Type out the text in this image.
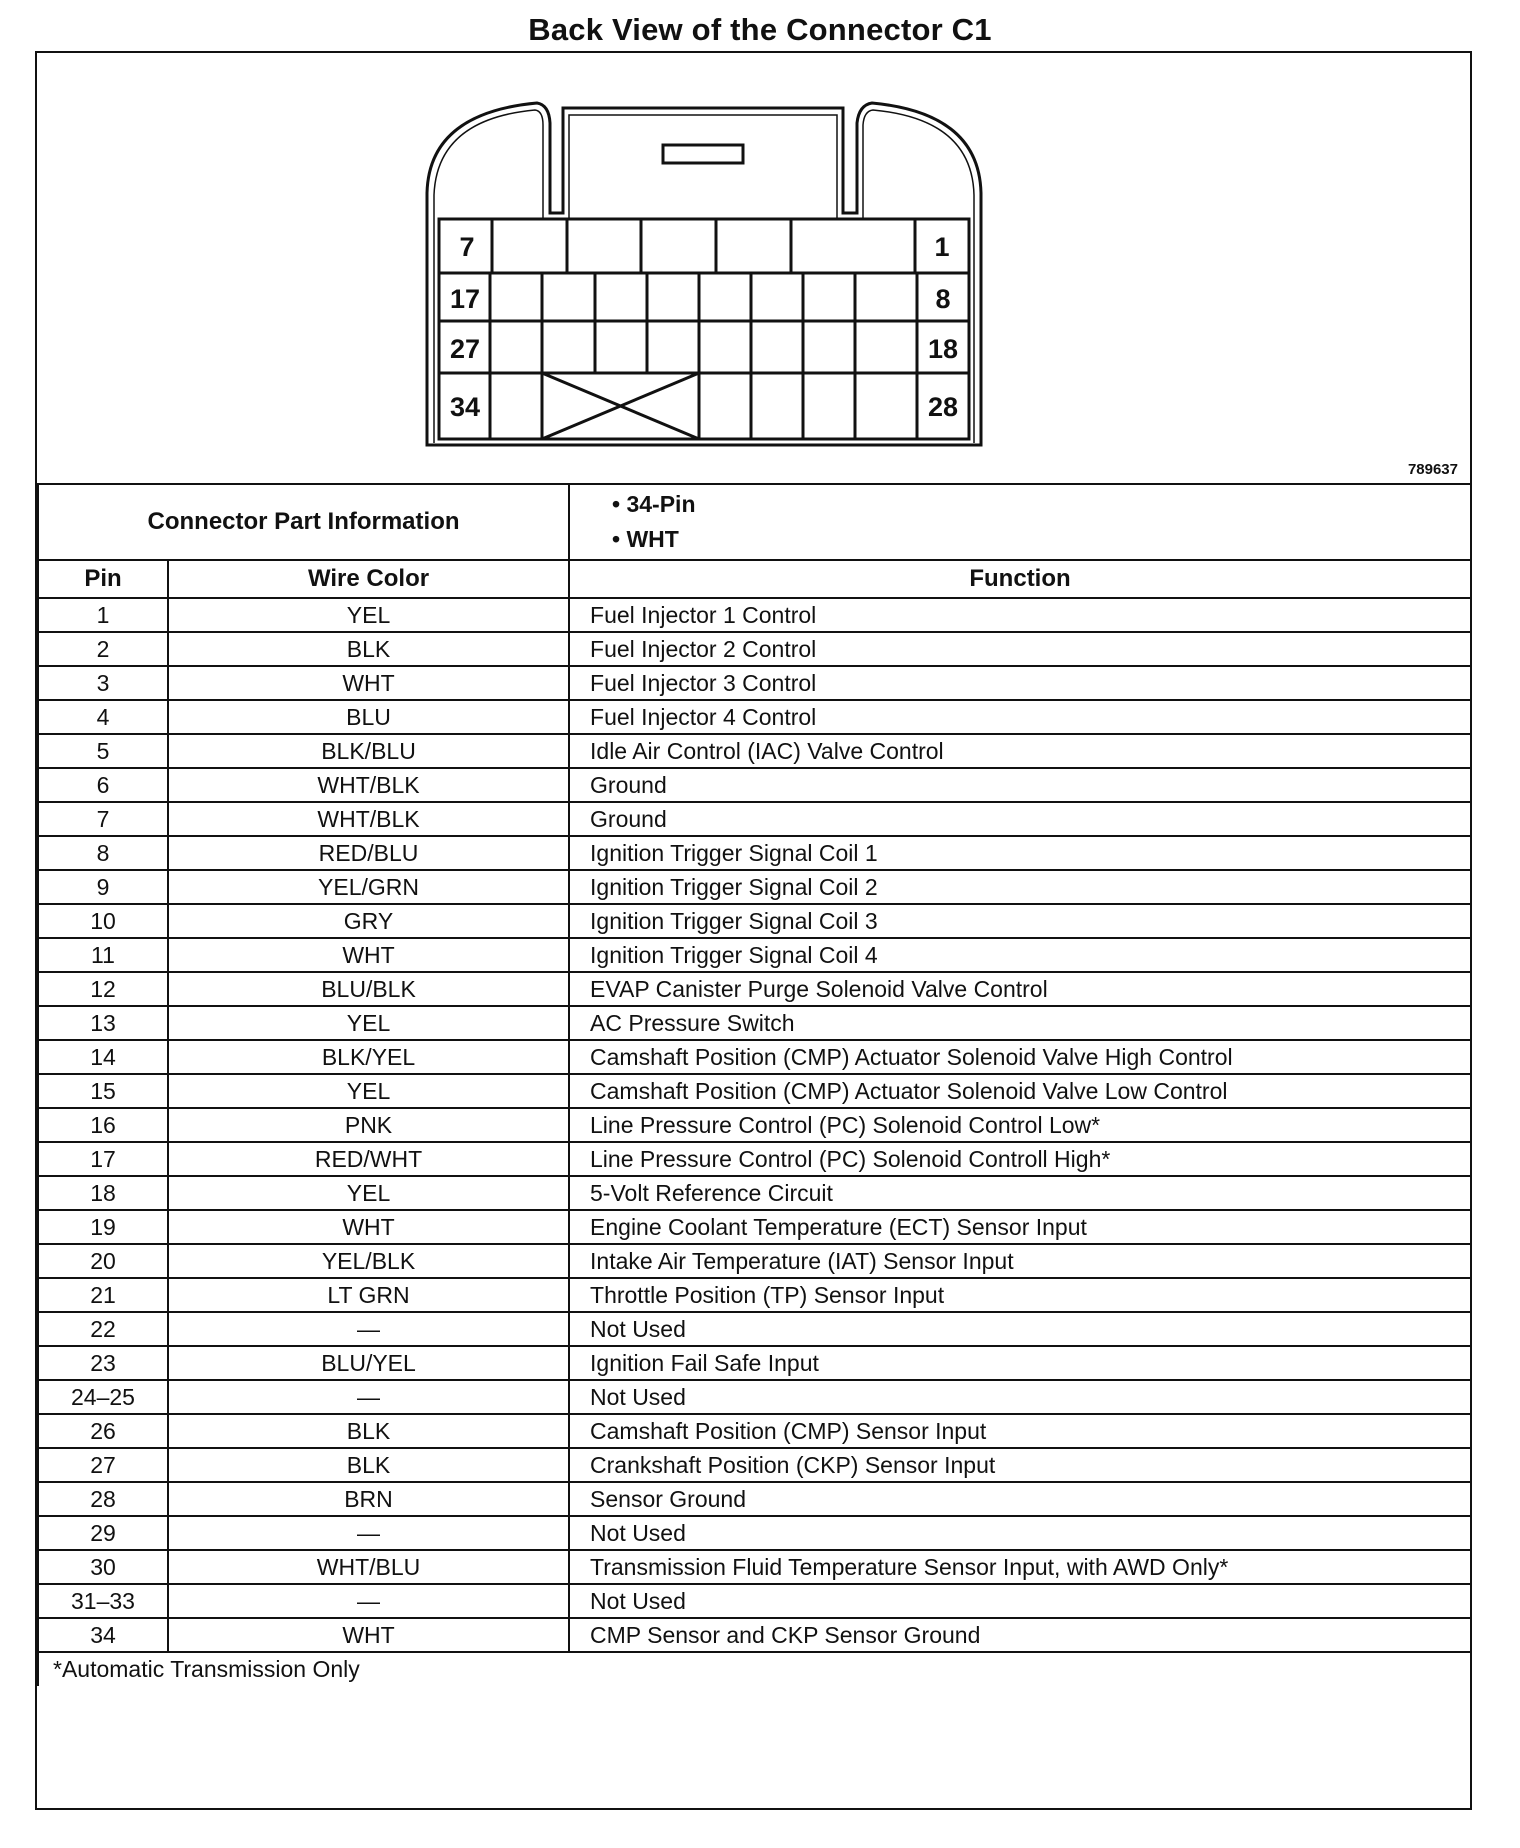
Back View of the Connector C1
7	1
17	8
27	18
34	28
789637
Connector Part Information		• 34-Pin
• WHT

Pin	Wire Color	Function
1	YEL	Fuel Injector 1 Control
2	BLK	Fuel Injector 2 Control
3	WHT	Fuel Injector 3 Control
4	BLU	Fuel Injector 4 Control
5	BLK/BLU	Idle Air Control (IAC) Valve Control
6	WHT/BLK	Ground
7	WHT/BLK	Ground
8	RED/BLU	Ignition Trigger Signal Coil 1
9	YEL/GRN	Ignition Trigger Signal Coil 2
10	GRY	Ignition Trigger Signal Coil 3
11	WHT	Ignition Trigger Signal Coil 4
12	BLU/BLK	EVAP Canister Purge Solenoid Valve Control
13	YEL	AC Pressure Switch
14	BLK/YEL	Camshaft Position (CMP) Actuator Solenoid Valve High Control
15	YEL	Camshaft Position (CMP) Actuator Solenoid Valve Low Control
16	PNK	Line Pressure Control (PC) Solenoid Control Low*
17	RED/WHT	Line Pressure Control (PC) Solenoid Controll High*
18	YEL	5-Volt Reference Circuit
19	WHT	Engine Coolant Temperature (ECT) Sensor Input
20	YEL/BLK	Intake Air Temperature (IAT) Sensor Input
21	LT GRN	Throttle Position (TP) Sensor Input
22	—	Not Used
23	BLU/YEL	Ignition Fail Safe Input
24–25	—	Not Used
26	BLK	Camshaft Position (CMP) Sensor Input
27	BLK	Crankshaft Position (CKP) Sensor Input
28	BRN	Sensor Ground
29	—	Not Used
30	WHT/BLU	Transmission Fluid Temperature Sensor Input, with AWD Only*
31–33	—	Not Used
34	WHT	CMP Sensor and CKP Sensor Ground
*Automatic Transmission Only		
